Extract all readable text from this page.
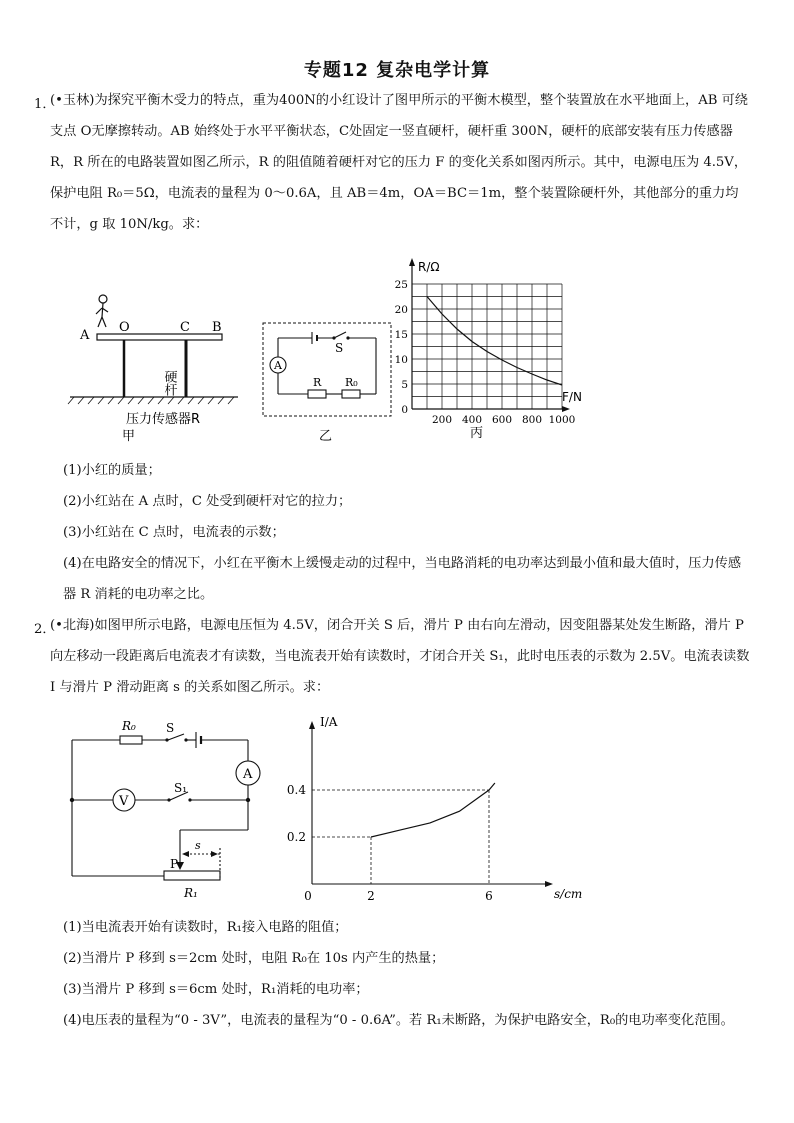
专题12 复杂电学计算
1．
(•玉林)为探究平衡木受力的特点，重为400N的小红设计了图甲所示的平衡木模型，整个装置放在水平地面上，AB 可绕支点 O无摩擦转动。AB 始终处于水平平衡状态，C处固定一竖直硬杆，硬杆重 300N，硬杆的底部安装有压力传感器 R，R 所在的电路装置如图乙所示，R 的阻值随着硬杆对它的压力 F 的变化关系如图丙所示。其中，电源电压为 4.5V，保护电阻 R₀＝5Ω，电流表的量程为 0～0.6A，且 AB＝4m，OA＝BC＝1m，整个装置除硬杆外，其他部分的重力均不计，g 取 10N/kg。求：
A
O	C B
硬杆
压力传感器R
甲
A
S
R R₀
乙
R/Ω
F/N
0
5
10
15
20
25
200 400 600 800 1000
丙
(1)小红的质量；
(2)小红站在 A 点时，C 处受到硬杆对它的拉力；
(3)小红站在 C 点时，电流表的示数；
(4)在电路安全的情况下，小红在平衡木上缓慢走动的过程中，当电路消耗的电功率达到最小值和最大值时，压力传感器 R 消耗的电功率之比。
2．
(•北海)如图甲所示电路，电源电压恒为 4.5V，闭合开关 S 后，滑片 P 由右向左滑动，因变阻器某处发生断路，滑片 P 向左移动一段距离后电流表才有读数，当电流表开始有读数时，才闭合开关 S₁，此时电压表的示数为 2.5V。电流表读数 I 与滑片 P 滑动距离 s 的关系如图乙所示。求：
A
V
R₀	S
S₁
P
s
R₁
I/A
s/cm
0	2	6
0.2
0.4
(1)当电流表开始有读数时，R₁接入电路的阻值；
(2)当滑片 P 移到 s＝2cm 处时，电阻 R₀在 10s 内产生的热量；
(3)当滑片 P 移到 s＝6cm 处时，R₁消耗的电功率；
(4)电压表的量程为“0 - 3V”，电流表的量程为“0 - 0.6A”。若 R₁未断路，为保护电路安全，R₀的电功率变化范围。
